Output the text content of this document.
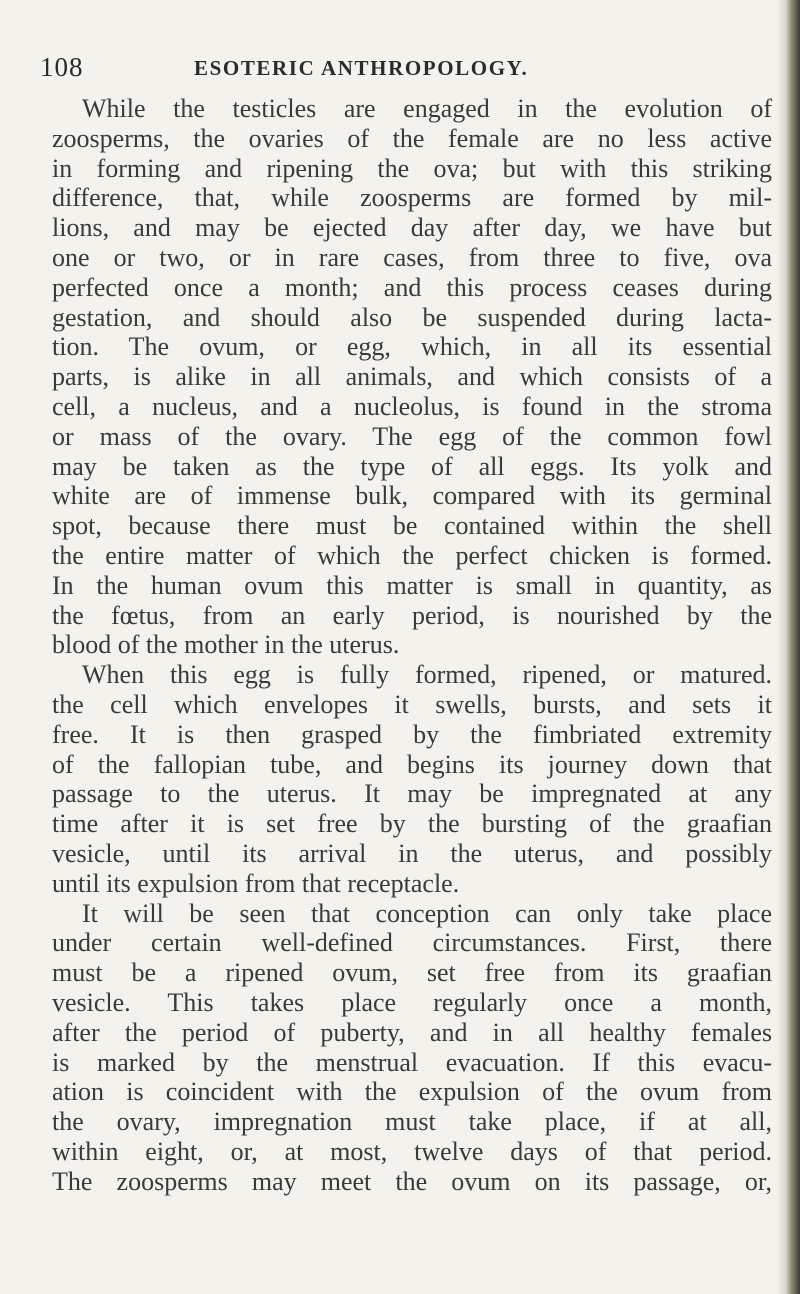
108	ESOTERIC ANTHROPOLOGY.
While the testicles are engaged in the evolution of
zoosperms, the ovaries of the female are no less active
in forming and ripening the ova; but with this striking
difference, that, while zoosperms are formed by mil-
lions, and may be ejected day after day, we have but
one or two, or in rare cases, from three to five, ova
perfected once a month; and this process ceases during
gestation, and should also be suspended during lacta-
tion. The ovum, or egg, which, in all its essential
parts, is alike in all animals, and which consists of a
cell, a nucleus, and a nucleolus, is found in the stroma
or mass of the ovary. The egg of the common fowl
may be taken as the type of all eggs. Its yolk and
white are of immense bulk, compared with its germinal
spot, because there must be contained within the shell
the entire matter of which the perfect chicken is formed.
In the human ovum this matter is small in quantity, as
the fœtus, from an early period, is nourished by the
blood of the mother in the uterus.
When this egg is fully formed, ripened, or matured.
the cell which envelopes it swells, bursts, and sets it
free. It is then grasped by the fimbriated extremity
of the fallopian tube, and begins its journey down that
passage to the uterus. It may be impregnated at any
time after it is set free by the bursting of the graafian
vesicle, until its arrival in the uterus, and possibly
until its expulsion from that receptacle.
It will be seen that conception can only take place
under certain well-defined circumstances. First, there
must be a ripened ovum, set free from its graafian
vesicle. This takes place regularly once a month,
after the period of puberty, and in all healthy females
is marked by the menstrual evacuation. If this evacu-
ation is coincident with the expulsion of the ovum from
the ovary, impregnation must take place, if at all,
within eight, or, at most, twelve days of that period.
The zoosperms may meet the ovum on its passage, or,
